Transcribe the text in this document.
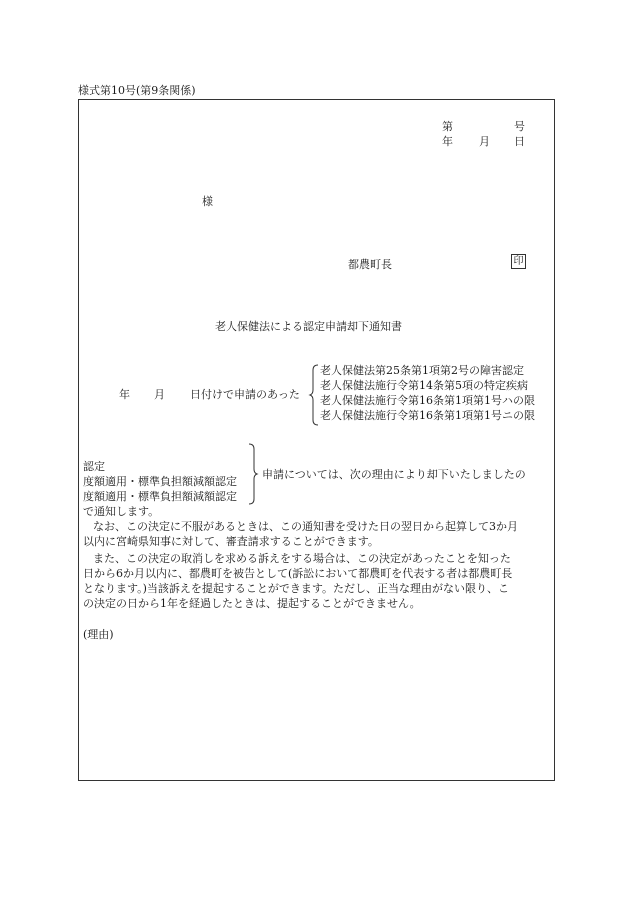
様式第10号(第9条関係)
第	号
年 月 日
様
都農町長	印
老人保健法による認定申請却下通知書
年 月 日付けで申請のあった
老人保健法第25条第1項第2号の障害認定
老人保健法施行令第14条第5項の特定疾病
老人保健法施行令第16条第1項第1号ハの限
老人保健法施行令第16条第1項第1号ニの限
認定
度額適用・標準負担額減額認定
度額適用・標準負担額減額認定
申請については、次の理由により却下いたしましたの
で通知します。
なお、この決定に不服があるときは、この通知書を受けた日の翌日から起算して3か月
以内に宮崎県知事に対して、審査請求することができます。
また、この決定の取消しを求める訴えをする場合は、この決定があったことを知った
日から6か月以内に、都農町を被告として(訴訟において都農町を代表する者は都農町長
となります。)当該訴えを提起することができます。ただし、正当な理由がない限り、こ
の決定の日から1年を経過したときは、提起することができません。
(理由)
